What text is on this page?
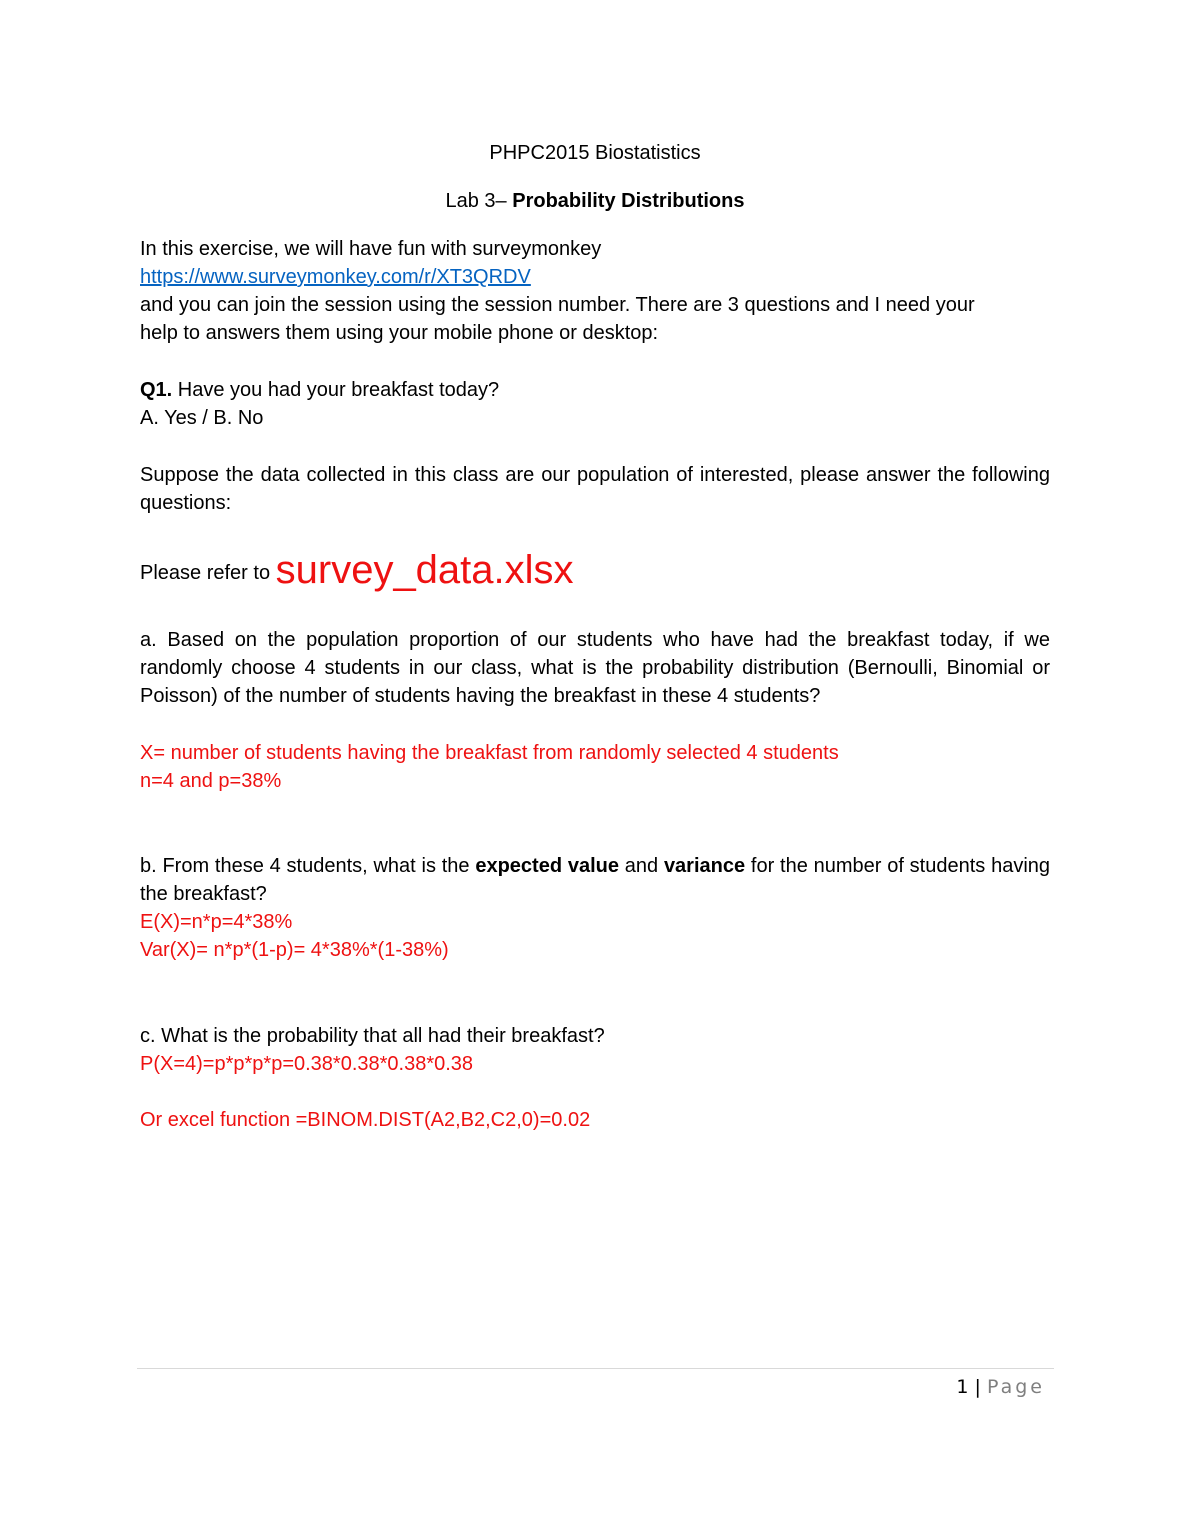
PHPC2015 Biostatistics
Lab 3– Probability Distributions
In this exercise, we will have fun with surveymonkey
https://www.surveymonkey.com/r/XT3QRDV
and you can join the session using the session number. There are 3 questions and I need your
help to answers them using your mobile phone or desktop:
Q1. Have you had your breakfast today?
A. Yes / B. No
Suppose the data collected in this class are our population of interested, please answer the following questions:
Please refer to survey_data.xlsx
a. Based on the population proportion of our students who have had the breakfast today, if we randomly choose 4 students in our class, what is the probability distribution (Bernoulli, Binomial or Poisson) of the number of students having the breakfast in these 4 students?
X= number of students having the breakfast from randomly selected 4 students
n=4 and p=38%
b. From these 4 students, what is the expected value and variance for the number of students having the breakfast?
E(X)=n*p=4*38%
Var(X)= n*p*(1-p)= 4*38%*(1-38%)
c. What is the probability that all had their breakfast?
P(X=4)=p*p*p*p=0.38*0.38*0.38*0.38
Or excel function =BINOM.DIST(A2,B2,C2,0)=0.02
1 | Page
